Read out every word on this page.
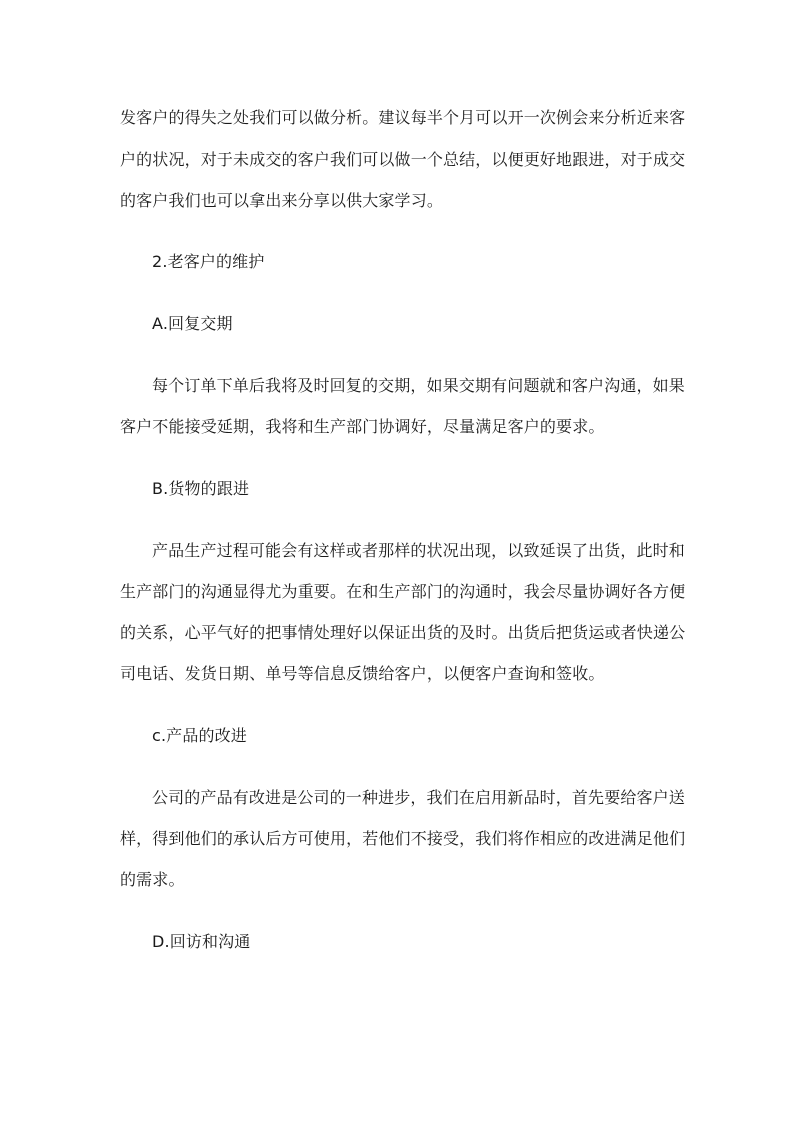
发客户的得失之处我们可以做分析。建议每半个月可以开一次例会来分析近来客
户的状况，对于未成交的客户我们可以做一个总结，以便更好地跟进，对于成交
的客户我们也可以拿出来分享以供大家学习。
2.老客户的维护
A.回复交期
每个订单下单后我将及时回复的交期，如果交期有问题就和客户沟通，如果
客户不能接受延期，我将和生产部门协调好，尽量满足客户的要求。
B.货物的跟进
产品生产过程可能会有这样或者那样的状况出现，以致延误了出货，此时和
生产部门的沟通显得尤为重要。在和生产部门的沟通时，我会尽量协调好各方便
的关系，心平气好的把事情处理好以保证出货的及时。出货后把货运或者快递公
司电话、发货日期、单号等信息反馈给客户，以便客户查询和签收。
c.产品的改进
公司的产品有改进是公司的一种进步，我们在启用新品时，首先要给客户送
样，得到他们的承认后方可使用，若他们不接受，我们将作相应的改进满足他们
的需求。
D.回访和沟通
